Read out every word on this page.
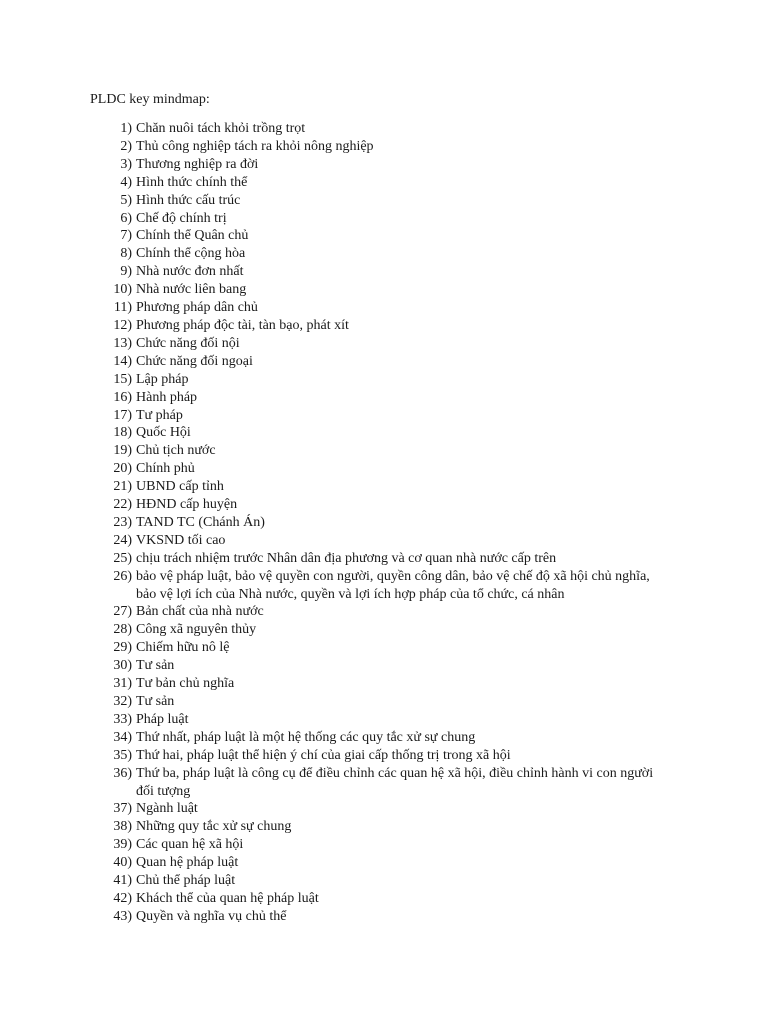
PLDC key mindmap:
1) Chăn nuôi tách khỏi trồng trọt
2) Thủ công nghiệp tách ra khỏi nông nghiệp
3) Thương nghiệp ra đời
4) Hình thức chính thể
5) Hình thức cấu trúc
6) Chế độ chính trị
7) Chính thể Quân chủ
8) Chính thể cộng hòa
9) Nhà nước đơn nhất
10) Nhà nước liên bang
11) Phương pháp dân chủ
12) Phương pháp độc tài, tàn bạo, phát xít
13) Chức năng đối nội
14) Chức năng đối ngoại
15) Lập pháp
16) Hành pháp
17) Tư pháp
18) Quốc Hội
19) Chủ tịch nước
20) Chính phủ
21) UBND cấp tỉnh
22) HĐND cấp huyện
23) TAND TC (Chánh Án)
24) VKSND tối cao
25) chịu trách nhiệm trước Nhân dân địa phương và cơ quan nhà nước cấp trên
26) bảo vệ pháp luật, bảo vệ quyền con người, quyền công dân, bảo vệ chế độ xã hội chủ nghĩa,
bảo vệ lợi ích của Nhà nước, quyền và lợi ích hợp pháp của tổ chức, cá nhân
27) Bản chất của nhà nước
28) Công xã nguyên thủy
29) Chiếm hữu nô lệ
30) Tư sản
31) Tư bản chủ nghĩa
32) Tư sản
33) Pháp luật
34) Thứ nhất, pháp luật là một hệ thống các quy tắc xử sự chung
35) Thứ hai, pháp luật thể hiện ý chí của giai cấp thống trị trong xã hội
36) Thứ ba, pháp luật là công cụ để điều chỉnh các quan hệ xã hội, điều chỉnh hành vi con người
đối tượng
37) Ngành luật
38) Những quy tắc xử sự chung
39) Các quan hệ xã hội
40) Quan hệ pháp luật
41) Chủ thể pháp luật
42) Khách thể của quan hệ pháp luật
43) Quyền và nghĩa vụ chủ thể
